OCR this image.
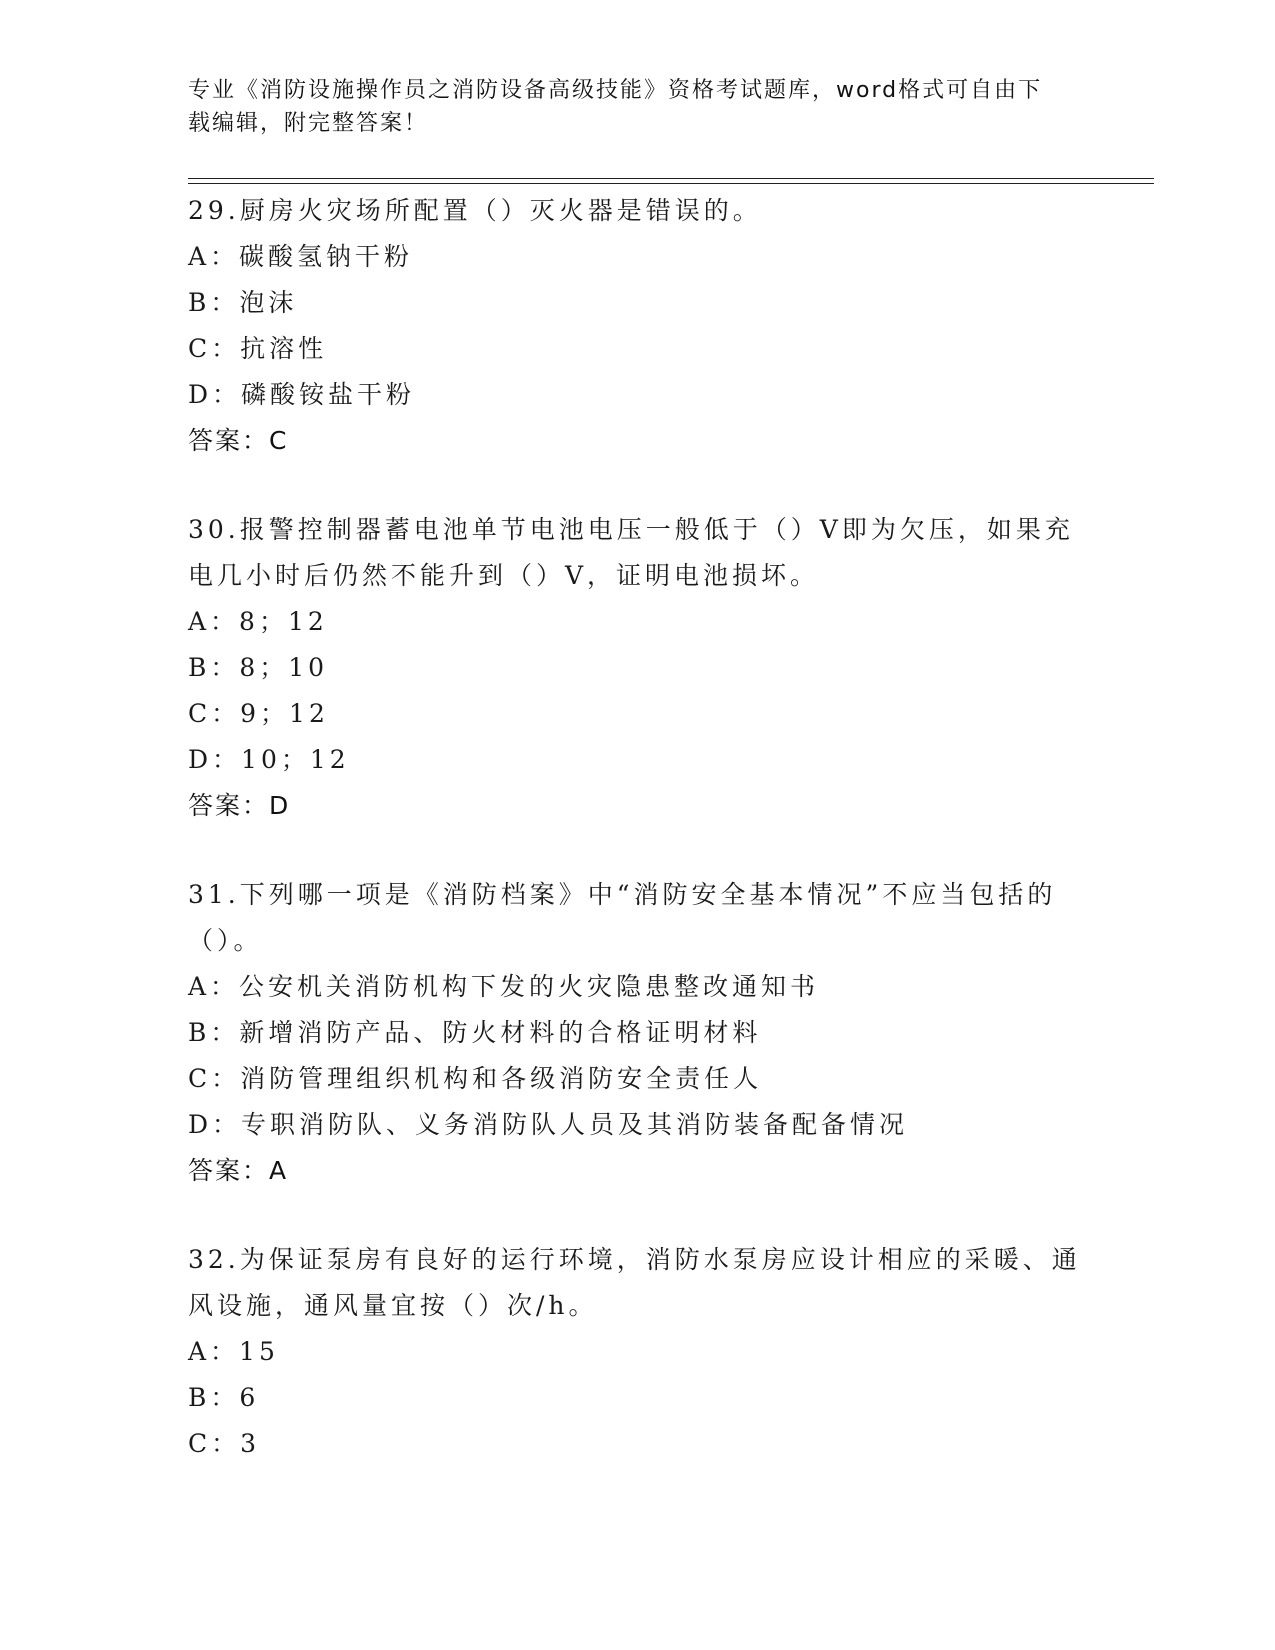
专业《消防设施操作员之消防设备高级技能》资格考试题库，word格式可自由下
载编辑，附完整答案！
29.厨房火灾场所配置（）灭火器是错误的。
A：碳酸氢钠干粉
B：泡沫
C：抗溶性
D：磷酸铵盐干粉
答案：C
30.报警控制器蓄电池单节电池电压一般低于（）V即为欠压，如果充
电几小时后仍然不能升到（）V，证明电池损坏。
A：8；12
B：8；10
C：9；12
D：10；12
答案：D
31.下列哪一项是《消防档案》中“消防安全基本情况”不应当包括的
（）。
A：公安机关消防机构下发的火灾隐患整改通知书
B：新增消防产品、防火材料的合格证明材料
C：消防管理组织机构和各级消防安全责任人
D：专职消防队、义务消防队人员及其消防装备配备情况
答案：A
32.为保证泵房有良好的运行环境，消防水泵房应设计相应的采暖、通
风设施，通风量宜按（）次/h。
A：15
B：6
C：3
